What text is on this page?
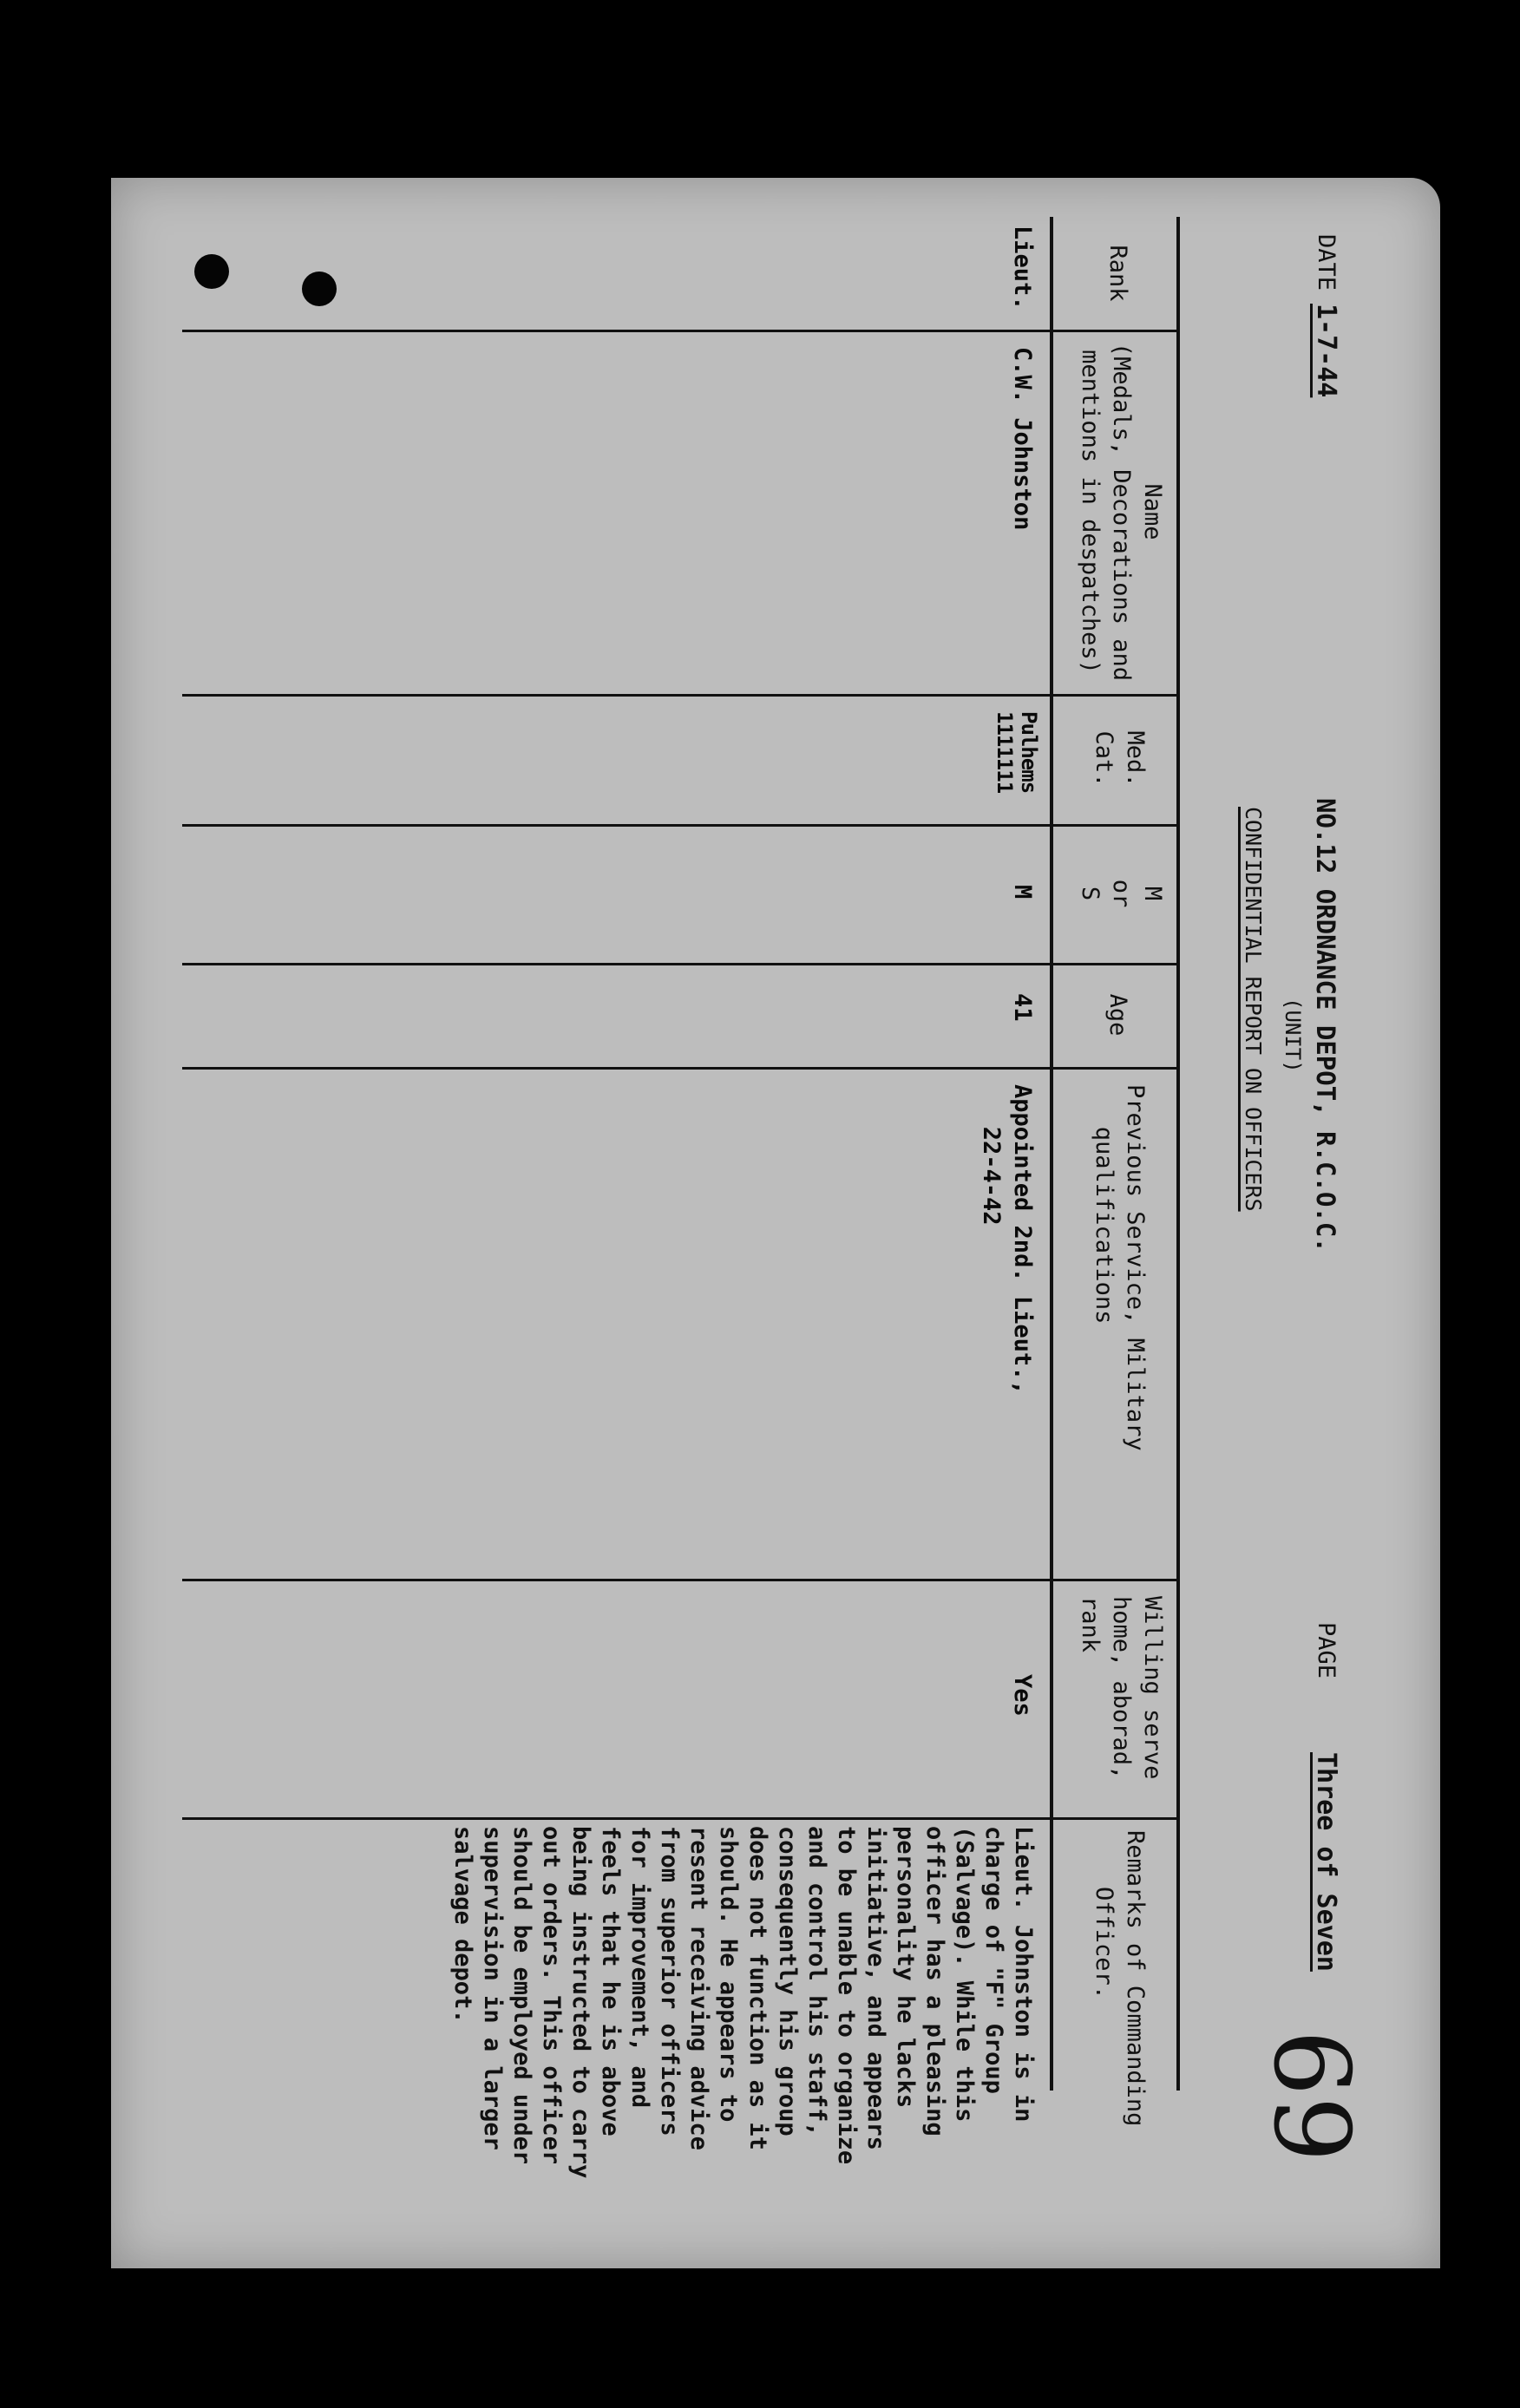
DATE
1-7-44
NO.12 ORDNANCE DEPOT, R.C.O.C.
(UNIT)
PAGE
Three of Seven
CONFIDENTIAL REPORT ON OFFICERS
Rank
Name
(Medals, Decorations and
mentions in despatches)
Med.
Cat.
M
or
S
Age
Previous Service, Military
qualifications
Willing serve
home, aborad,
rank
Remarks of Commanding
Officer.
Lieut.
C.W. Johnston
Pulhems
1111111
M
41
Appointed 2nd. Lieut.,
22-4-42
Yes
Lieut. Johnston is in charge of "F" Group (Salvage). While this officer has a pleasing personality he lacks initiative, and appears to be unable to organize and control his staff, consequently his group does not function as it should. He appears to resent receiving advice from superior officers for improvement, and feels that he is above being instructed to carry out orders. This officer should be employed under supervision in a larger salvage depot.
69
